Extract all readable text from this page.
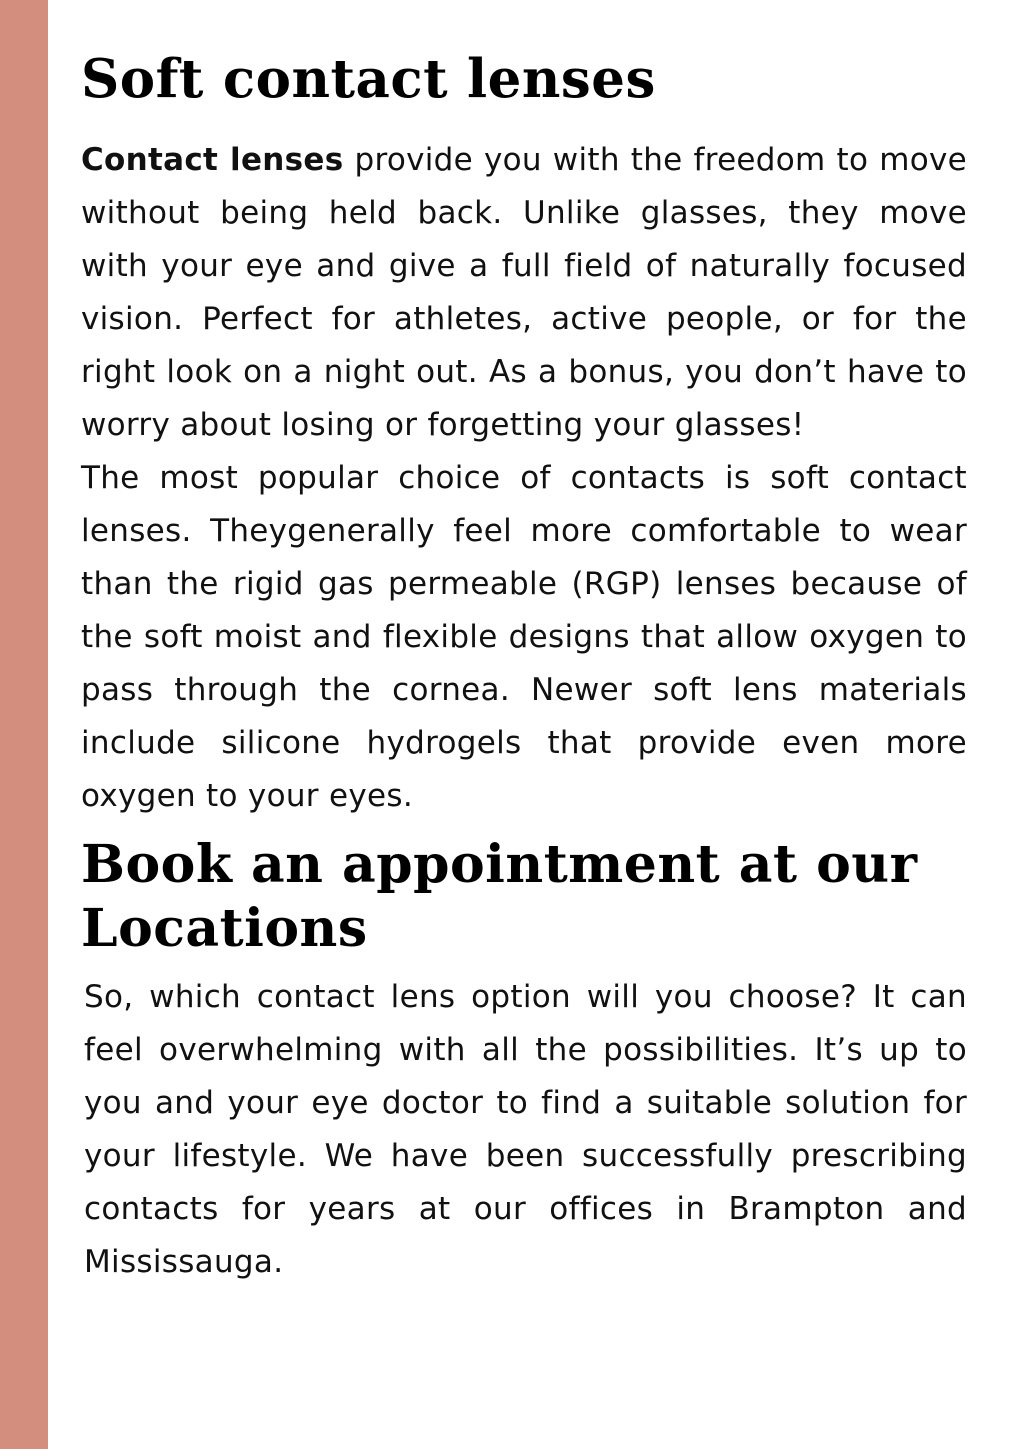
Soft contact lenses

Contact lenses provide you with the freedom to move without being held back. Unlike glasses, they move with your eye and give a full field of naturally focused vision. Perfect for athletes, active people, or for the right look on a night out. As a bonus, you don’t have to worry about losing or forgetting your glasses!

The most popular choice of contacts is soft contact lenses. Theygenerally feel more comfortable to wear than the rigid gas permeable (RGP) lenses because of the soft moist and flexible designs that allow oxygen to pass through the cornea. Newer soft lens materials include silicone hydrogels that provide even more oxygen to your eyes.

Book an appointment at our Locations

So, which contact lens option will you choose? It can feel overwhelming with all the possibilities. It’s up to you and your eye doctor to find a suitable solution for your lifestyle. We have been successfully prescribing contacts for years at our offices in Brampton and Mississauga.
